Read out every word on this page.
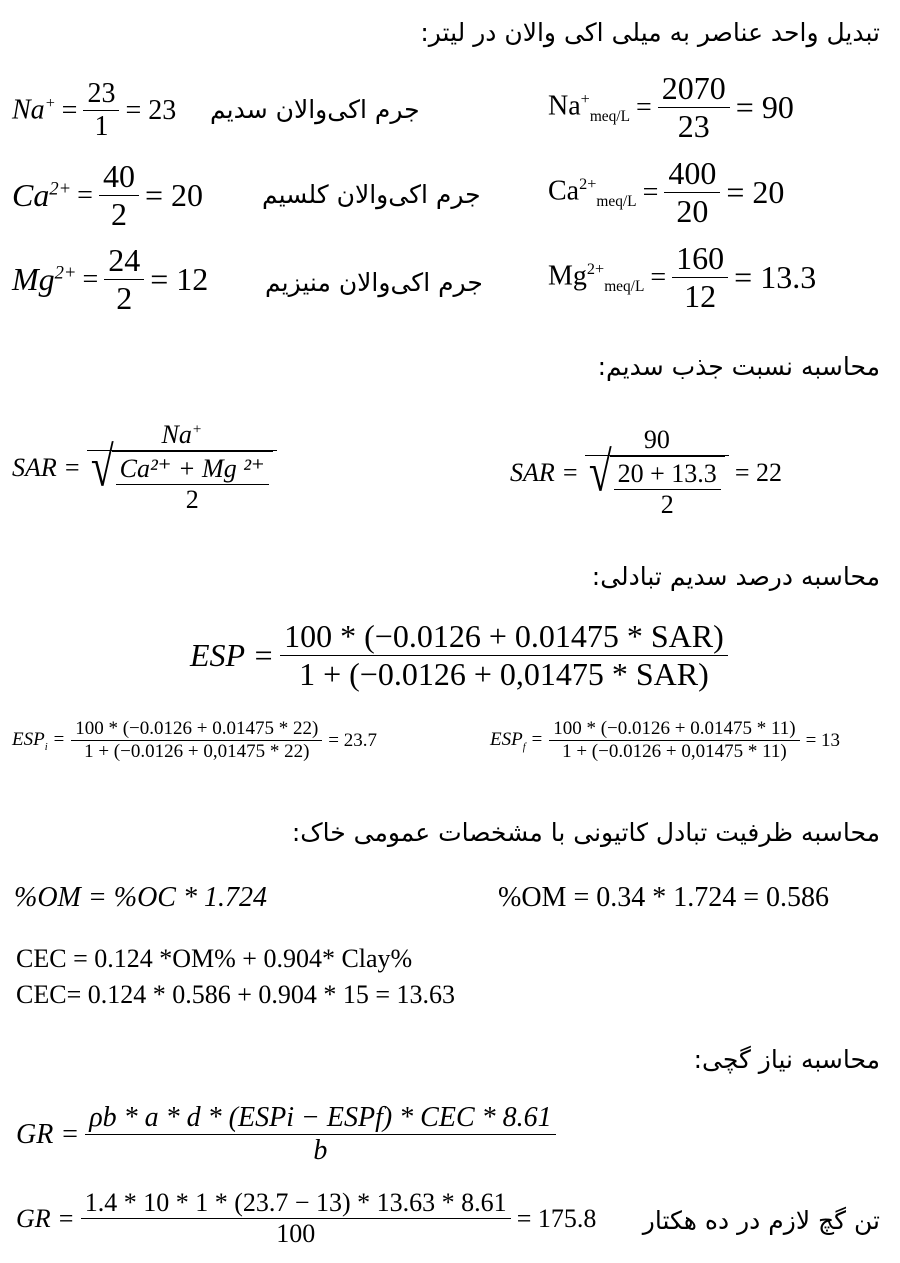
تبدیل واحد عناصر به میلی اکی والان در لیتر:
$Na^+ = \frac{23}{1} = 23$ جرم اکی‌والان سدیم	$Na^+_{meq/L} = \frac{2070}{23} = 90$
$Ca^{2+} = \frac{40}{2} = 20$ جرم اکی‌والان کلسیم $Ca^{2+}_{meq/L} = \frac{400}{20} = 20$
$Mg^{2+} = \frac{24}{2} = 12$ جرم اکی‌والان منیزیم $Mg^{2+}_{meq/L} = \frac{160}{12} = 13.3$
محاسبه نسبت جذب سدیم:
SAR = $\frac{Na^+}{√ \frac{\text{Ca²⁺ + Mg ²⁺}}{2}}$	SAR = $\frac{90}{√ \frac{20 + 13.3}{2}} = 22$
محاسبه درصد سدیم تبادلی:
ESP = $\frac{\text{100 * (−0.0126 + 0.01475 * SAR)}}{\text{1 + (−0.0126 + 0,01475 * SAR)}}$
$ESP_i = \frac{100 * (-0.0126 + 0.01475 * 22)}{1 + (-0.0126 + 0,01475 * 22)} = 23.7$	$ESP_f = \frac{100 * (-0.0126 + 0.01475 * 11)}{1 + (-0.0126 + 0,01475 * 11)} = 13$
محاسبه ظرفیت تبادل کاتیونی با مشخصات عمومی خاک:
%OM = %OC * 1.724	%OM = 0.34 * 1.724 = 0.586
CEC = 0.124 *OM% + 0.904* Clay%
CEC= 0.124 * 0.586 + 0.904 * 15 = 13.63
محاسبه نیاز گچی:
GR = $\frac{\text{ρb * a * d * (ESPi − ESPf) * CEC * 8.61}}{b}$
GR = $\frac{1.4 * 10 * 1 * (23.7 - 13) * 13.63 * 8.61}{100} = 175.8$ تن گچ لازم در ده هکتار
